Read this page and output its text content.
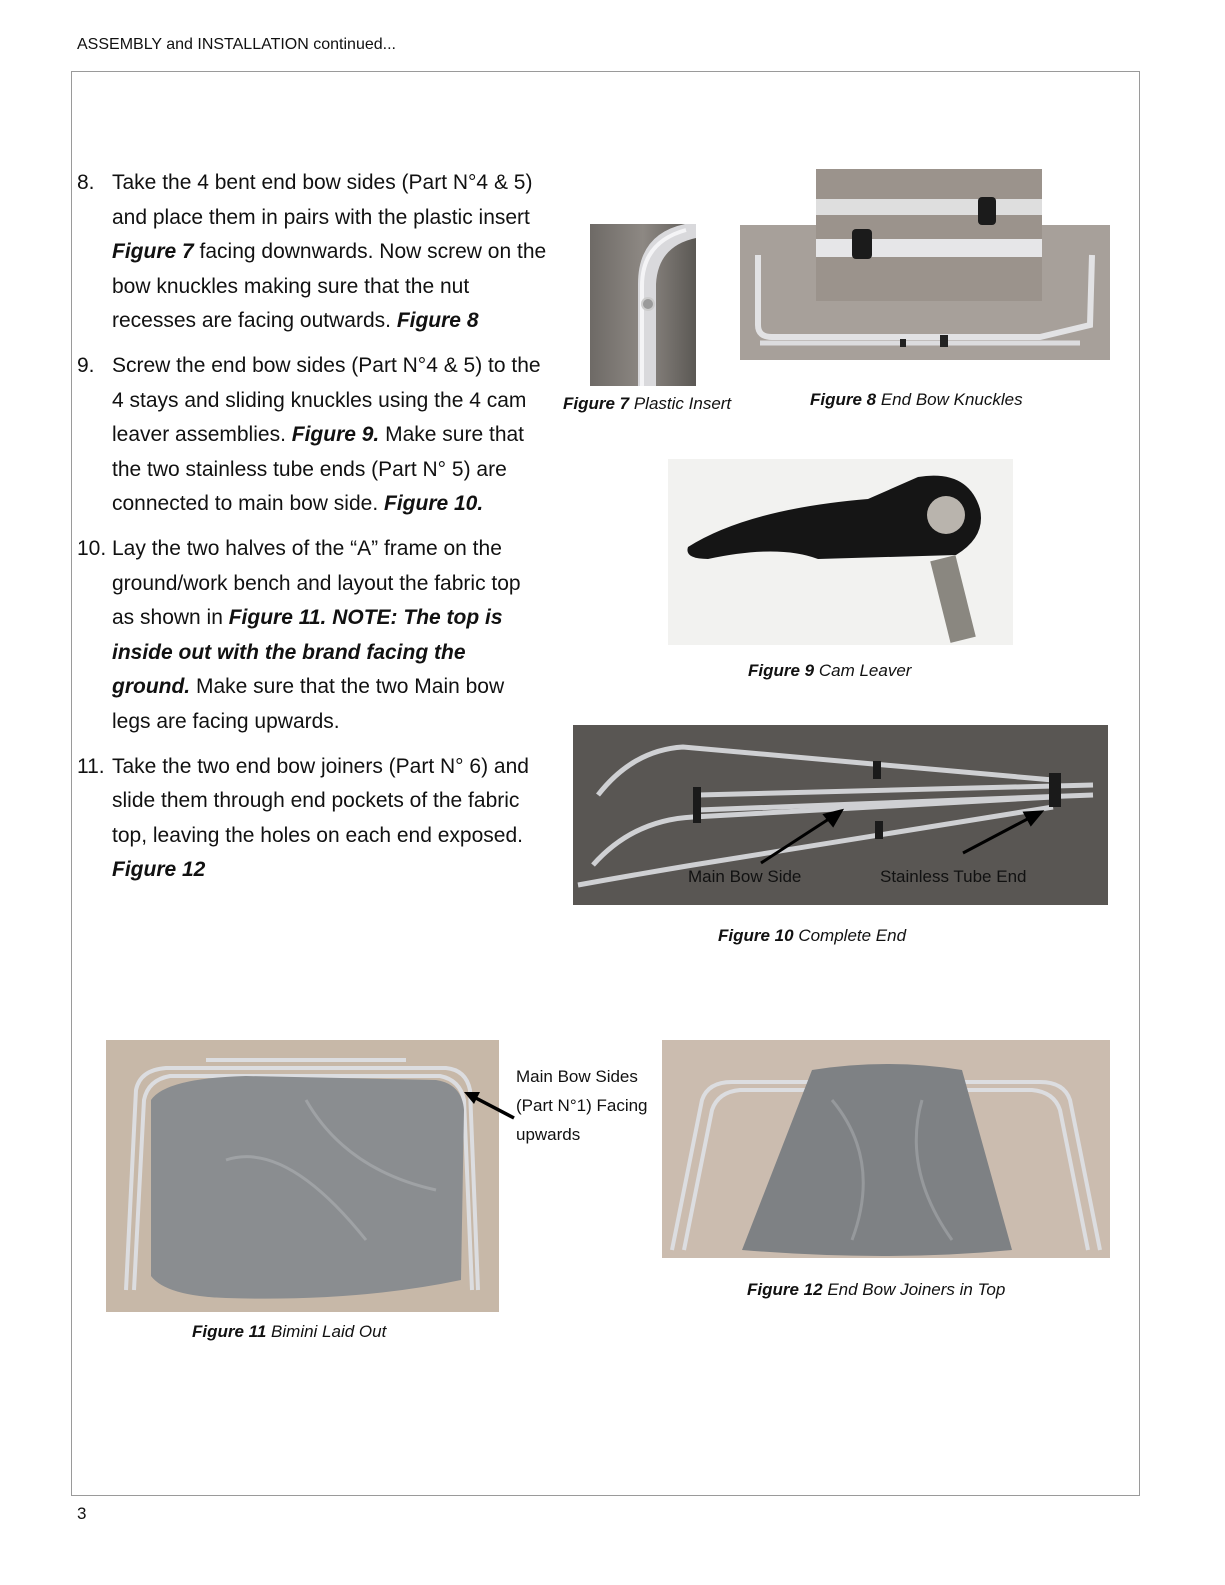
ASSEMBLY and INSTALLATION continued...
8. Take the 4 bent end bow sides (Part N°4 & 5) and place them in pairs with the plastic insert Figure 7 facing downwards. Now screw on the bow knuckles making sure that the nut recesses are facing outwards. Figure 8
9. Screw the end bow sides (Part N°4 & 5) to the 4 stays and sliding knuckles using the 4 cam leaver assemblies. Figure 9. Make sure that the two stainless tube ends (Part N° 5) are connected to main bow side. Figure 10.
10. Lay the two halves of the “A” frame on the ground/work bench and layout the fabric top as shown in Figure 11. NOTE: The top is inside out with the brand facing the ground. Make sure that the two Main bow legs are facing upwards.
11. Take the two end bow joiners (Part N° 6) and slide them through end pockets of the fabric top, leaving the holes on each end exposed. Figure 12
Figure 7 Plastic Insert	Figure 8 End Bow Knuckles
Figure 9 Cam Leaver
Main Bow Side	Stainless Tube End
Figure 10 Complete End
Figure 11 Bimini Laid Out
Main Bow Sides (Part N°1) Facing upwards
Figure 12 End Bow Joiners in Top
3
